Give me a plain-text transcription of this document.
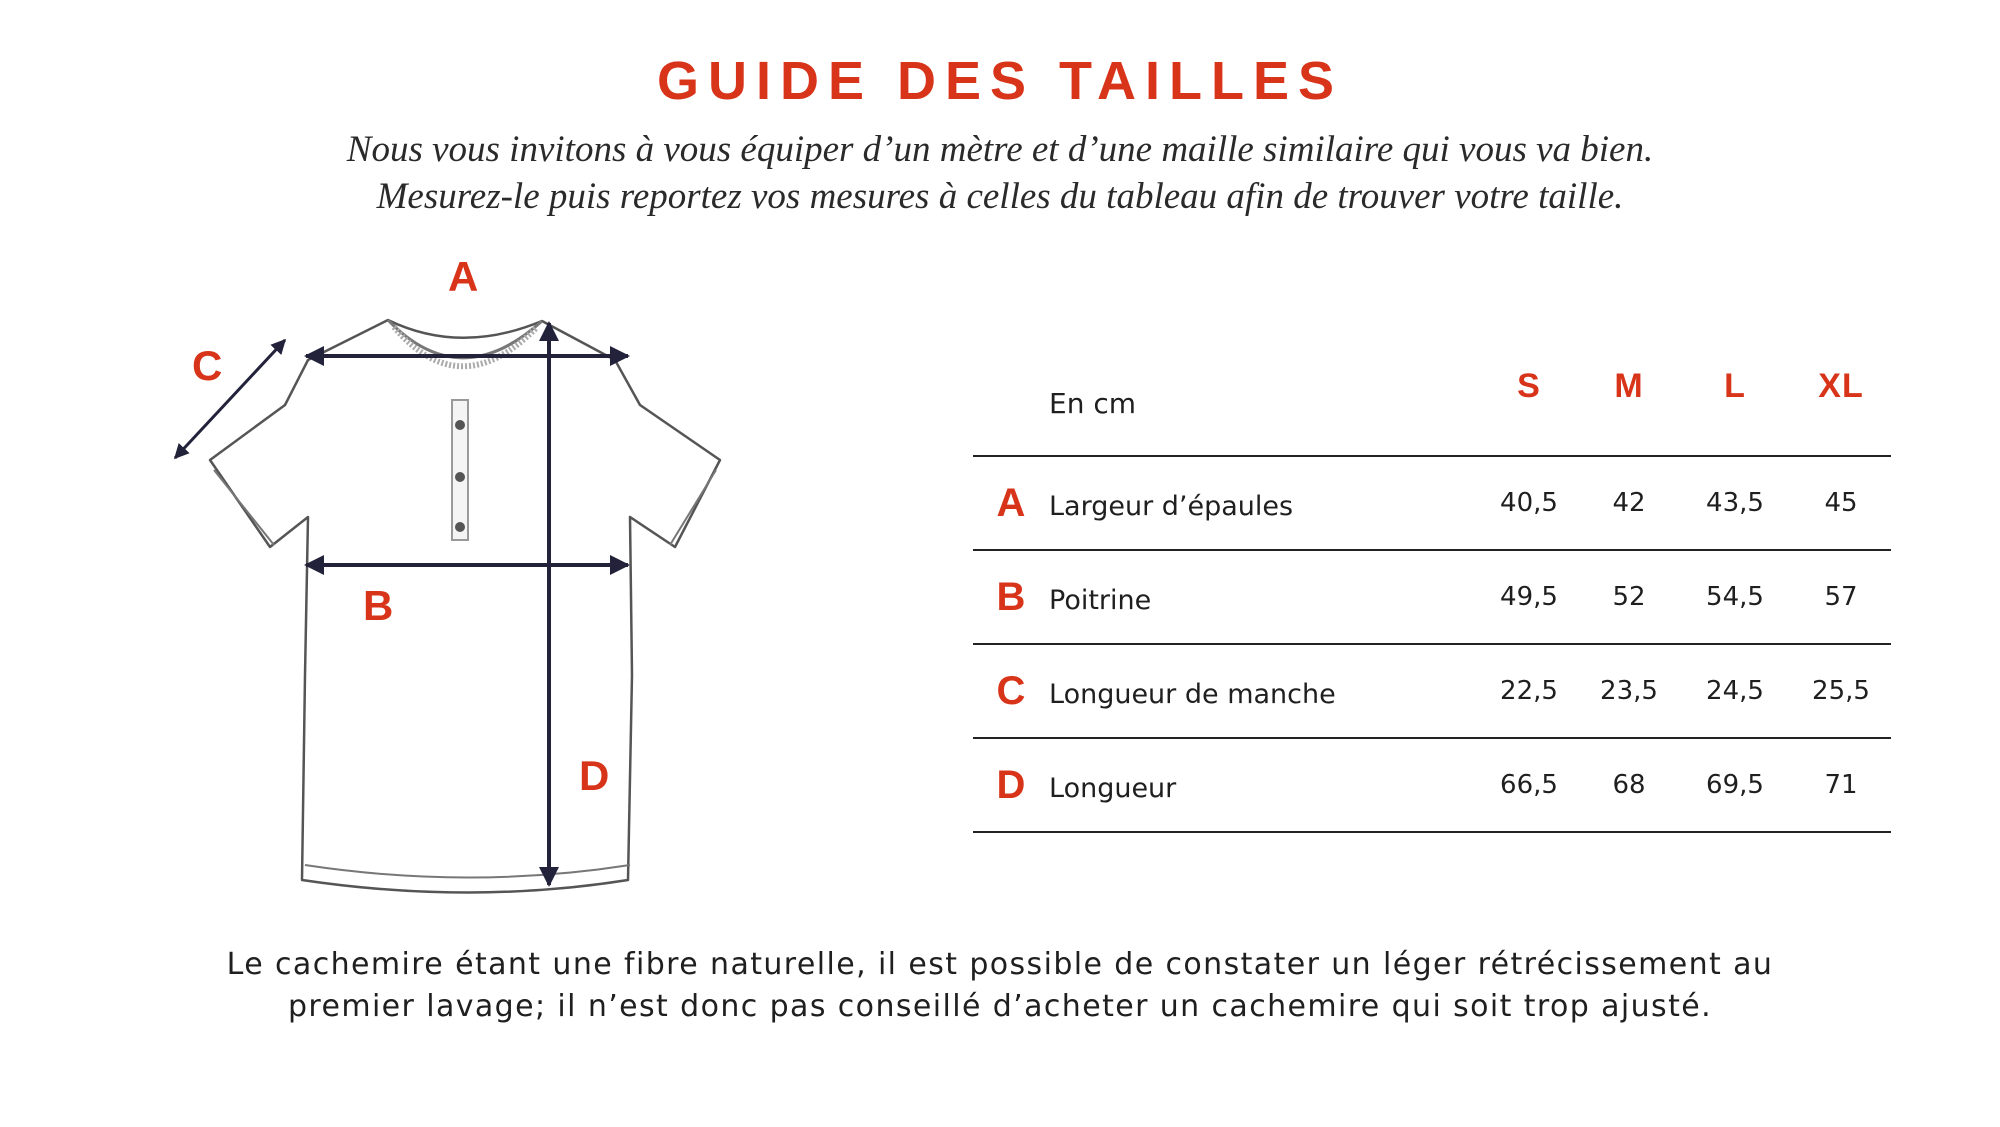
GUIDE DES TAILLES
Nous vous invitons à vous équiper d’un mètre et d’une maille similaire qui vous va bien.
Mesurez-le puis reportez vos mesures à celles du tableau afin de trouver votre taille.
A
C
B
D
En cm		S	M	L	XL
A	Largeur d’épaules	40,5	42	43,5	45
B	Poitrine	49,5	52	54,5	57
C	Longueur de manche	22,5	23,5	24,5	25,5
D	Longueur	66,5	68	69,5	71
Le cachemire étant une fibre naturelle, il est possible de constater un léger rétrécissement au
premier lavage; il n’est donc pas conseillé d’acheter un cachemire qui soit trop ajusté.
